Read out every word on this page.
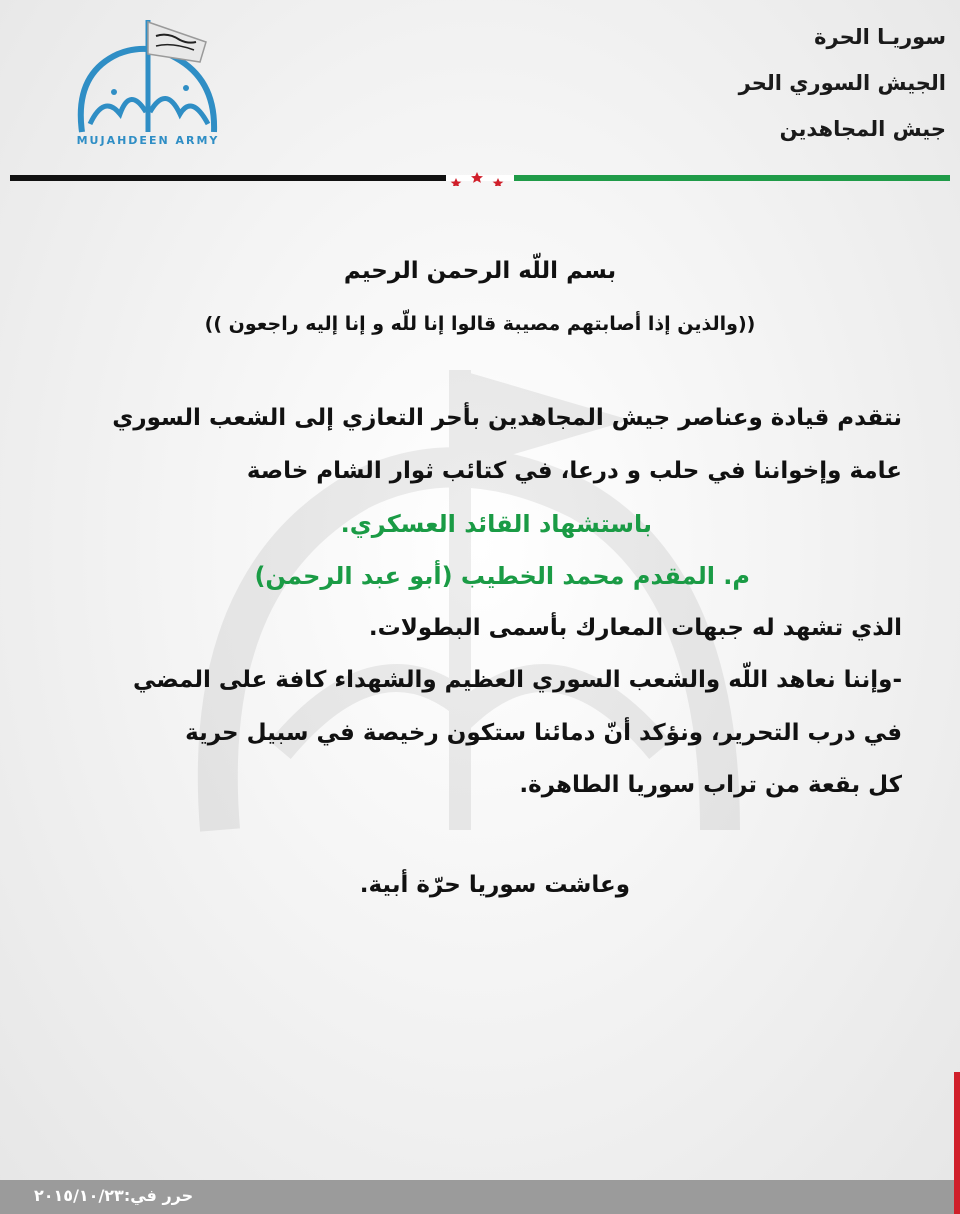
سوريـا الحرة
الجيش السوري الحر
جيش المجاهدين
MUJAHDEEN ARMY
بسم اللّه الرحمن الرحيم
((والذين إذا أصابتهم مصيبة قالوا إنا للّه و إنا إليه راجعون ))
نتقدم قيادة وعناصر جيش المجاهدين بأحر التعازي إلى الشعب السوري
عامة وإخواننا في حلب و درعا، في كتائب ثوار الشام خاصة
باستشهاد القائد العسكري.
م. المقدم محمد الخطيب (أبو عبد الرحمن)
الذي تشهد له جبهات المعارك بأسمى البطولات.
-وإننا نعاهد اللّه والشعب السوري العظيم والشهداء كافة على المضي
في درب التحرير، ونؤكد أنّ دمائنا ستكون رخيصة في سبيل حرية
كل بقعة من تراب سوريا الطاهرة.
وعاشت سوريا حرّة أبية.
حرر في:٢٠١٥/١٠/٢٣
